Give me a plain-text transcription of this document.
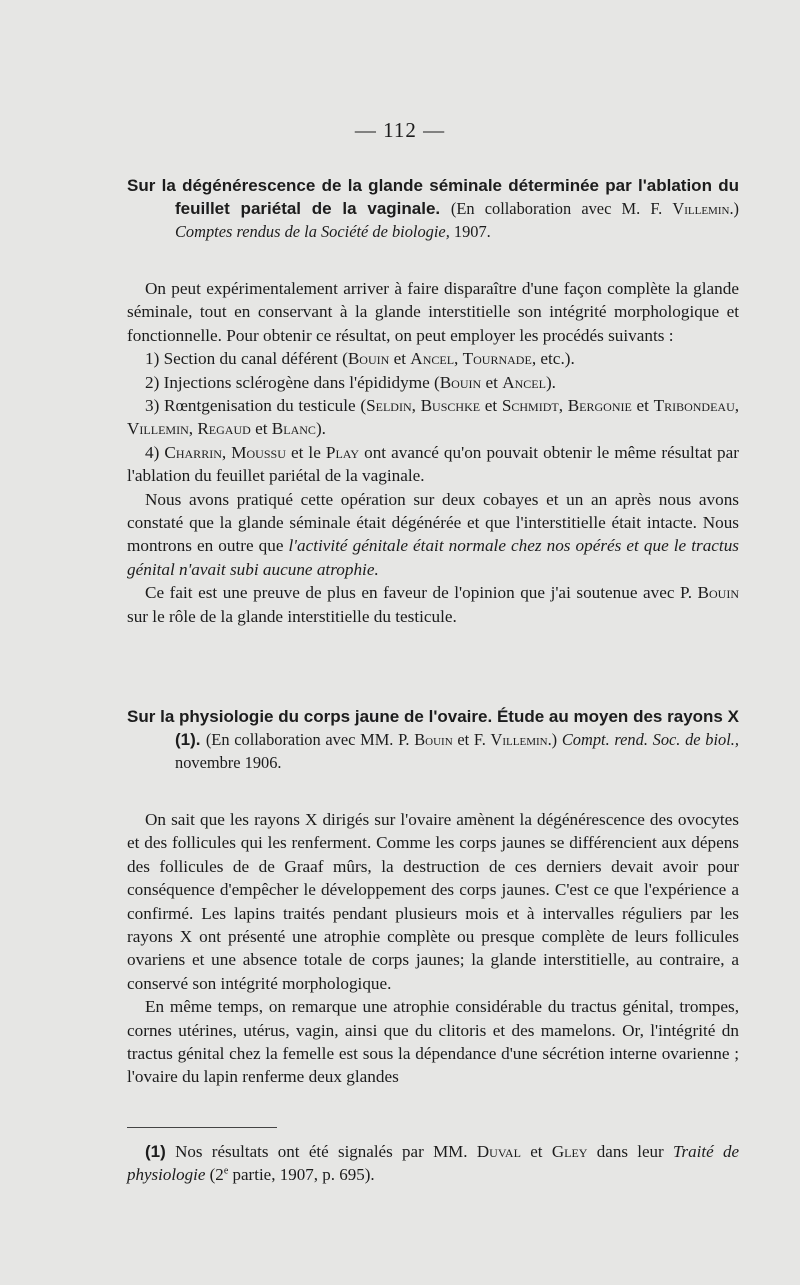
— 112 —
Sur la dégénérescence de la glande séminale déterminée par l'ablation du feuillet pariétal de la vaginale. (En collaboration avec M. F. Villemin.) Comptes rendus de la Société de biologie, 1907.

On peut expérimentalement arriver à faire disparaître d'une façon complète la glande séminale, tout en conservant à la glande interstitielle son intégrité morphologique et fonctionnelle. Pour obtenir ce résultat, on peut employer les procédés suivants :

1) Section du canal déférent (Bouin et Ancel, Tournade, etc.).

2) Injections sclérogène dans l'épididyme (Bouin et Ancel).

3) Rœntgenisation du testicule (Seldin, Buschke et Schmidt, Bergonie et Tribondeau, Villemin, Regaud et Blanc).

4) Charrin, Moussu et le Play ont avancé qu'on pouvait obtenir le même résultat par l'ablation du feuillet pariétal de la vaginale.

Nous avons pratiqué cette opération sur deux cobayes et un an après nous avons constaté que la glande séminale était dégénérée et que l'interstitielle était intacte. Nous montrons en outre que l'activité génitale était normale chez nos opérés et que le tractus génital n'avait subi aucune atrophie.

Ce fait est une preuve de plus en faveur de l'opinion que j'ai soutenue avec P. Bouin sur le rôle de la glande interstitielle du testicule.

Sur la physiologie du corps jaune de l'ovaire. Étude au moyen des rayons X (1). (En collaboration avec MM. P. Bouin et F. Villemin.) Compt. rend. Soc. de biol., novembre 1906.

On sait que les rayons X dirigés sur l'ovaire amènent la dégénérescence des ovocytes et des follicules qui les renferment. Comme les corps jaunes se différencient aux dépens des follicules de de Graaf mûrs, la destruction de ces derniers devait avoir pour conséquence d'empêcher le développement des corps jaunes. C'est ce que l'expérience a confirmé. Les lapins traités pendant plusieurs mois et à intervalles réguliers par les rayons X ont présenté une atrophie complète ou presque complète de leurs follicules ovariens et une absence totale de corps jaunes; la glande interstitielle, au contraire, a conservé son intégrité morphologique.

En même temps, on remarque une atrophie considérable du tractus génital, trompes, cornes utérines, utérus, vagin, ainsi que du clitoris et des mamelons. Or, l'intégrité dn tractus génital chez la femelle est sous la dépendance d'une sécrétion interne ovarienne ; l'ovaire du lapin renferme deux glandes

(1) Nos résultats ont été signalés par MM. Duval et Gley dans leur Traité de physiologie (2e partie, 1907, p. 695).
